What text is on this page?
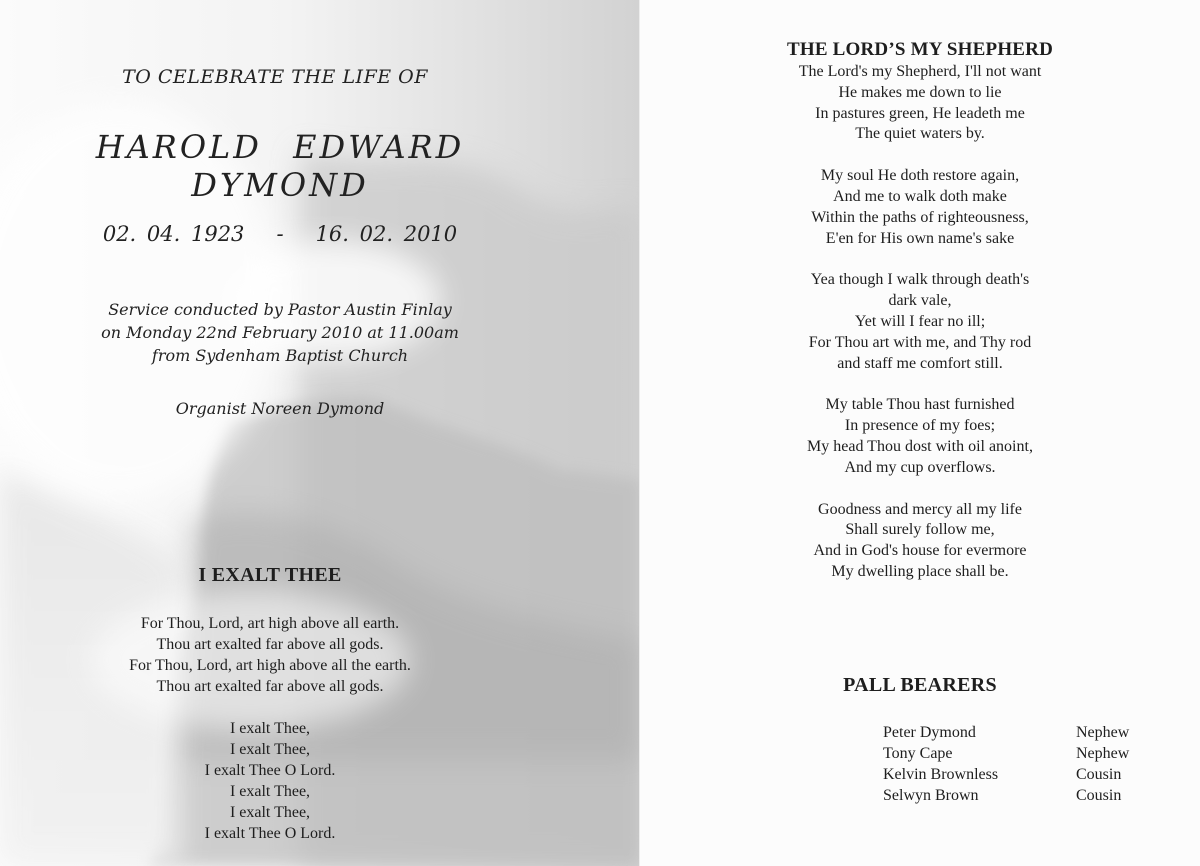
TO CELEBRATE THE LIFE OF
HAROLD EDWARD DYMOND
02. 04. 1923   -   16. 02. 2010
Service conducted by Pastor Austin Finlay
on Monday 22nd February 2010 at 11.00am
from Sydenham Baptist Church
Organist Noreen Dymond
I EXALT THEE
For Thou, Lord, art high above all earth.
Thou art exalted far above all gods.
For Thou, Lord, art high above all the earth.
Thou art exalted far above all gods.
I exalt Thee,
I exalt Thee,
I exalt Thee O Lord.
I exalt Thee,
I exalt Thee,
I exalt Thee O Lord.
THE LORD’S MY SHEPHERD
The Lord's my Shepherd, I'll not want
He makes me down to lie
In pastures green, He leadeth me
The quiet waters by.
My soul He doth restore again,
And me to walk doth make
Within the paths of righteousness,
E'en for His own name's sake
Yea though I walk through death's
dark vale,
Yet will I fear no ill;
For Thou art with me, and Thy rod
and staff me comfort still.
My table Thou hast furnished
In presence of my foes;
My head Thou dost with oil anoint,
And my cup overflows.
Goodness and mercy all my life
Shall surely follow me,
And in God's house for evermore
My dwelling place shall be.
PALL BEARERS
Peter Dymond	Nephew
Tony Cape	Nephew
Kelvin Brownless	Cousin
Selwyn Brown	Cousin
